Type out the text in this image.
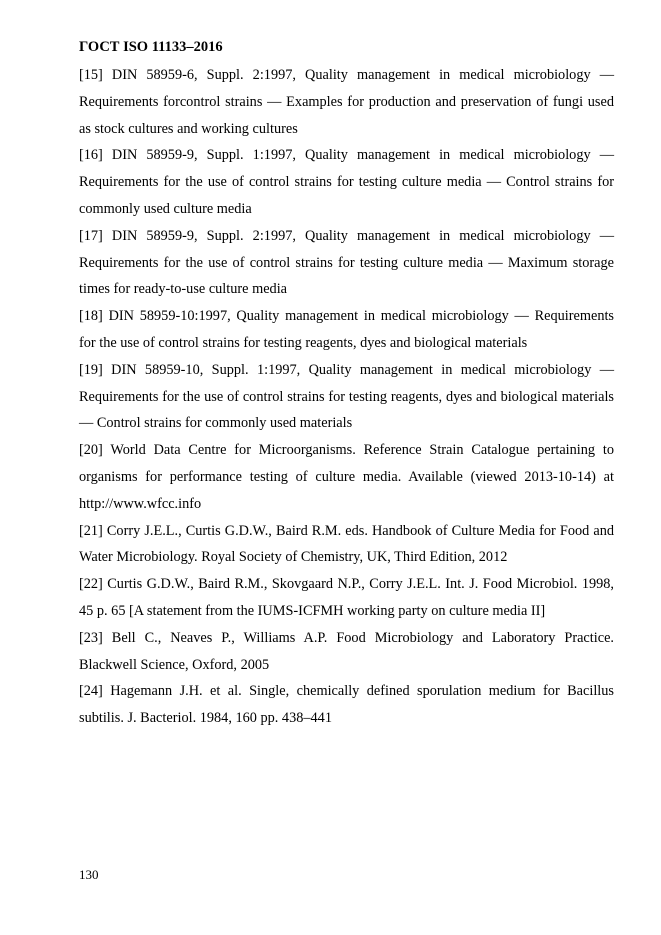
ГОСТ ISO 11133–2016

[15] DIN 58959-6, Suppl. 2:1997, Quality management in medical microbiology — Requirements forcontrol strains — Examples for production and preservation of fungi used as stock cultures and working cultures

[16] DIN 58959-9, Suppl. 1:1997, Quality management in medical microbiology — Requirements for the use of control strains for testing culture media — Control strains for commonly used culture media

[17] DIN 58959-9, Suppl. 2:1997, Quality management in medical microbiology — Requirements for the use of control strains for testing culture media — Maximum storage times for ready-to-use culture media

[18] DIN 58959-10:1997, Quality management in medical microbiology — Requirements for the use of control strains for testing reagents, dyes and biological materials

[19] DIN 58959-10, Suppl. 1:1997, Quality management in medical microbiology — Requirements for the use of control strains for testing reagents, dyes and biological materials — Control strains for commonly used materials

[20] World Data Centre for Microorganisms. Reference Strain Catalogue pertaining to organisms for performance testing of culture media. Available (viewed 2013-10-14) at http://www.wfcc.info

[21] Corry J.E.L., Curtis G.D.W., Baird R.M. eds. Handbook of Culture Media for Food and Water Microbiology. Royal Society of Chemistry, UK, Third Edition, 2012

[22] Curtis G.D.W., Baird R.M., Skovgaard N.P., Corry J.E.L. Int. J. Food Microbiol. 1998, 45 p. 65 [A statement from the IUMS-ICFMH working party on culture media II]

[23] Bell C., Neaves P., Williams A.P. Food Microbiology and Laboratory Practice. Blackwell Science, Oxford, 2005

[24] Hagemann J.H. et al. Single, chemically defined sporulation medium for Bacillus subtilis. J. Bacteriol. 1984, 160 pp. 438–441

130
